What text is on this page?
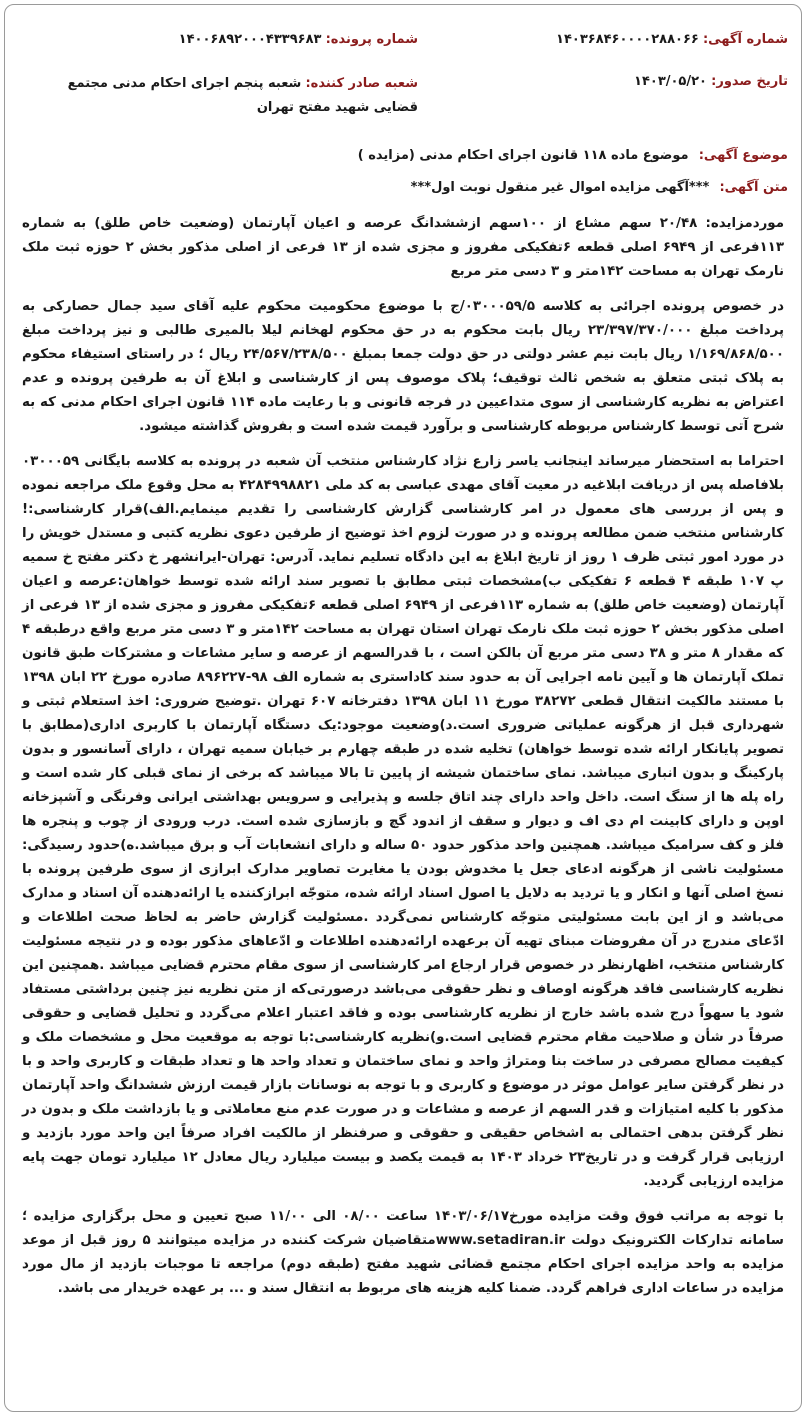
شماره آگهی: ۱۴۰۳۶۸۴۶۰۰۰۰۲۸۸۰۶۶
شماره پرونده: ۱۴۰۰۶۸۹۲۰۰۰۴۳۳۹۶۸۳
تاریخ صدور: ۱۴۰۳/۰۵/۲۰
شعبه صادر کننده: شعبه پنجم اجرای احکام مدنی مجتمع قضایی شهید مفتح تهران
موضوع آگهی: موضوع ماده ۱۱۸ قانون اجرای احکام مدنی (مزایده )
متن آگهی: ***آگهی مزایده اموال غیر منقول نوبت اول***

موردمزایده: ۲۰/۴۸ سهم مشاع از ۱۰۰سهم ازششدانگ عرصه و اعیان آپارتمان (وضعیت خاص طلق) به شماره ۱۱۳فرعی از ۶۹۴۹ اصلی قطعه ۶تفکیکی مفروز و مجزی شده از ۱۳ فرعی از اصلی مذکور بخش ۲ حوزه ثبت ملک نارمک تهران به مساحت ۱۴۲متر و ۳ دسی متر مربع

در خصوص پرونده اجرائی به کلاسه ۰۳۰۰۰۵۹/۵/ج با موضوع محکومیت محکوم علیه آقای سید جمال حصارکی به پرداخت مبلغ ۲۳/۳۹۷/۳۷۰/۰۰۰ ریال بابت محکوم به در حق محکوم لهخانم لیلا بالمیری طالبی و نیز پرداخت مبلغ ۱/۱۶۹/۸۶۸/۵۰۰ ریال بابت نیم عشر دولتی در حق دولت جمعا بمبلغ ۲۴/۵۶۷/۲۳۸/۵۰۰ ریال ؛ در راستای استیفاء محکوم به پلاک ثبتی متعلق به شخص ثالث توقیف؛ پلاک موصوف پس از کارشناسی و ابلاغ آن به طرفین پرونده و عدم اعتراض به نظریه کارشناسی از سوی متداعیین در فرجه قانونی و با رعایت ماده ۱۱۴ قانون اجرای احکام مدنی که به شرح آتی توسط کارشناس مربوطه کارشناسی و برآورد قیمت شده است و بفروش گذاشته میشود.

احتراما به استحضار میرساند اینجانب یاسر زارع نژاد کارشناس منتخب آن شعبه در پرونده به کلاسه بایگانی ۰۳۰۰۰۵۹ بلافاصله پس از دریافت ابلاغیه در معیت آقای مهدی عباسی به کد ملی ۴۲۸۴۹۹۸۸۲۱ به محل وقوع ملک مراجعه نموده و پس از بررسی های معمول در امر کارشناسی گزارش کارشناسی را تقدیم مینمایم.الف)قرار کارشناسی:! کارشناس منتخب ضمن مطالعه پرونده و در صورت لزوم اخذ توضیح از طرفین دعوی نظریه کتبی و مستدل خویش را در مورد امور ثبتی ظرف ۱ روز از تاریخ ابلاغ به این دادگاه تسلیم نماید. آدرس: تهران-ایرانشهر خ دکتر مفتح خ سمیه پ ۱۰۷ طبقه ۴ قطعه ۶ تفکیکی ب)مشخصات ثبتی مطابق با تصویر سند ارائه شده توسط خواهان:عرصه و اعیان آپارتمان (وضعیت خاص طلق) به شماره ۱۱۳فرعی از ۶۹۴۹ اصلی قطعه ۶تفکیکی مفروز و مجزی شده از ۱۳ فرعی از اصلی مذکور بخش ۲ حوزه ثبت ملک نارمک تهران استان تهران به مساحت ۱۴۲متر و ۳ دسی متر مربع واقع درطبقه ۴ که مقدار ۸ متر و ۳۸ دسی متر مربع آن بالکن است ، با قدرالسهم از عرصه و سایر مشاعات و مشترکات طبق قانون تملک آپارتمان ها و آیین نامه اجرایی آن به حدود سند کاداستری به شماره الف ۹۸-۸۹۶۲۲۷ صادره مورخ ۲۲ ابان ۱۳۹۸ با مستند مالکیت انتقال قطعی ۳۸۲۷۲ مورخ ۱۱ ابان ۱۳۹۸ دفترخانه ۶۰۷ تهران .توضیح ضروری: اخذ استعلام ثبتی و شهرداری قبل از هرگونه عملیاتی ضروری است.د)وضعیت موجود:یک دستگاه آپارتمان با کاربری اداری(مطابق با تصویر پایانکار ارائه شده توسط خواهان) تخلیه شده در طبقه چهارم بر خیابان سمیه تهران ، دارای آسانسور و بدون پارکینگ و بدون انباری میباشد. نمای ساختمان شیشه از پایین تا بالا میباشد که برخی از نمای قبلی کار شده است و راه پله ها از سنگ است. داخل واحد دارای چند اتاق جلسه و پذیرایی و سرویس بهداشتی ایرانی وفرنگی و آشپزخانه اوپن و دارای کابینت ام دی اف و دیوار و سقف از اندود گچ و بازسازی شده است. درب ورودی از چوب و پنجره ها فلز و کف سرامیک میباشد. همچنین واحد مذکور حدود ۵۰ ساله و دارای انشعابات آب و برق میباشد.ه)حدود رسیدگی: مسئولیت ناشی از هرگونه ادعای جعل یا مخدوش بودن یا مغایرت تصاویر مدارک ابرازی از سوی طرفین پرونده با نسخ اصلی آنها و انکار و یا تردید به دلایل یا اصول اسناد ارائه شده، متوجّه ابرازکننده یا ارائه‌دهنده آن اسناد و مدارک می‌باشد و از این بابت مسئولیتی متوجّه کارشناس نمی‌گردد .مسئولیت گزارش حاضر به لحاظ صحت اطلاعات و ادّعای مندرج در آن مفروضات مبنای تهیه آن برعهده ارائه‌دهنده اطلاعات و ادّعاهای مذکور بوده و در نتیجه مسئولیت کارشناس منتخب، اظهارنظر در خصوص قرار ارجاع امر کارشناسی از سوی مقام محترم قضایی میباشد .همچنین این نظریه کارشناسی فاقد هرگونه اوصاف و نظر حقوقی می‌باشد درصورتی‌که از متن نظریه نیز چنین برداشتی مستفاد شود یا سهواً درج شده باشد خارج از نظریه کارشناسی بوده و فاقد اعتبار اعلام می‌گردد و تحلیل قضایی و حقوقی صرفاً در شأن و صلاحیت مقام محترم قضایی است.و)نظریه کارشناسی:با توجه به موقعیت محل و مشخصات ملک و کیفیت مصالح مصرفی در ساخت بنا ومتراژ واحد و نمای ساختمان و تعداد واحد ها و تعداد طبقات و کاربری واحد و با در نظر گرفتن سایر عوامل موثر در موضوع و کاربری و با توجه به نوسانات بازار قیمت ارزش ششدانگ واحد آپارتمان مذکور با کلیه امتیازات و قدر السهم از عرصه و مشاعات و در صورت عدم منع معاملاتی و یا بازداشت ملک و بدون در نظر گرفتن بدهی احتمالی به اشخاص حقیقی و حقوقی و صرفنظر از مالکیت افراد صرفاً این واحد مورد بازدید و ارزیابی قرار گرفت و در تاریخ۲۳ خرداد ۱۴۰۳ به قیمت یکصد و بیست میلیارد ریال معادل ۱۲ میلیارد تومان جهت پایه مزایده ارزیابی گردید.

با توجه به مراتب فوق وقت مزایده مورخ۱۴۰۳/۰۶/۱۷ ساعت ۰۸/۰۰ الی ۱۱/۰۰ صبح تعیین و محل برگزاری مزایده ؛سامانه تدارکات الکترونیک دولت www.setadiran.irمتقاضیان شرکت کننده در مزایده میتوانند ۵ روز قبل از موعد مزایده به واحد مزایده اجرای احکام مجتمع قضائی شهید مفتح (طبقه دوم) مراجعه تا موجبات بازدید از مال مورد مزایده در ساعات اداری فراهم گردد. ضمنا کلیه هزینه های مربوط به انتقال سند و ... بر عهده خریدار می باشد.
